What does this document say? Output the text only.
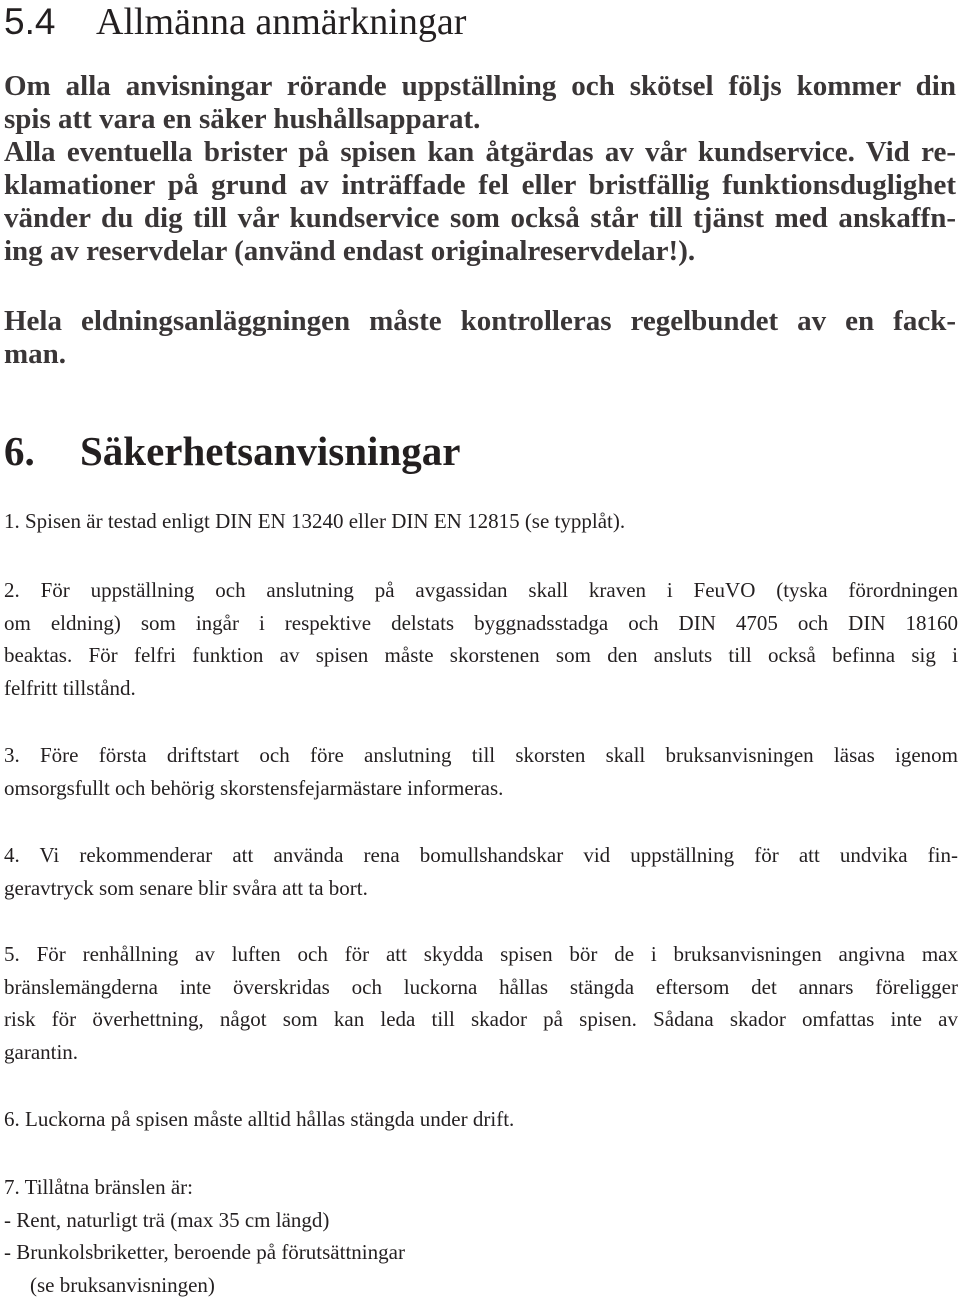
5.4 Allmänna anmärkningar

Om alla anvisningar rörande uppställning och skötsel följs kommer din
spis att vara en säker hushållsapparat.
Alla eventuella brister på spisen kan åtgärdas av vår kundservice. Vid re-
klamationer på grund av inträffade fel eller bristfällig funktionsduglighet
vänder du dig till vår kundservice som också står till tjänst med anskaffn-
ing av reservdelar (använd endast originalreservdelar!).

Hela eldningsanläggningen måste kontrolleras regelbundet av en fack-
man.

6. Säkerhetsanvisningar

1. Spisen är testad enligt DIN EN 13240 eller DIN EN 12815 (se typplåt).

2. För uppställning och anslutning på avgassidan skall kraven i FeuVO (tyska förordningen
om eldning) som ingår i respektive delstats byggnadsstadga och DIN 4705 och DIN 18160
beaktas. För felfri funktion av spisen måste skorstenen som den ansluts till också befinna sig i
felfritt tillstånd.

3. Före första driftstart och före anslutning till skorsten skall bruksanvisningen läsas igenom
omsorgsfullt och behörig skorstensfejarmästare informeras.

4. Vi rekommenderar att använda rena bomullshandskar vid uppställning för att undvika fin-
geravtryck som senare blir svåra att ta bort.

5. För renhållning av luften och för att skydda spisen bör de i bruksanvisningen angivna max
bränslemängderna inte överskridas och luckorna hållas stängda eftersom det annars föreligger
risk för överhettning, något som kan leda till skador på spisen. Sådana skador omfattas inte av
garantin.

6. Luckorna på spisen måste alltid hållas stängda under drift.

7. Tillåtna bränslen är:
- Rent, naturligt trä (max 35 cm längd)
- Brunkolsbriketter, beroende på förutsättningar
(se bruksanvisningen)
